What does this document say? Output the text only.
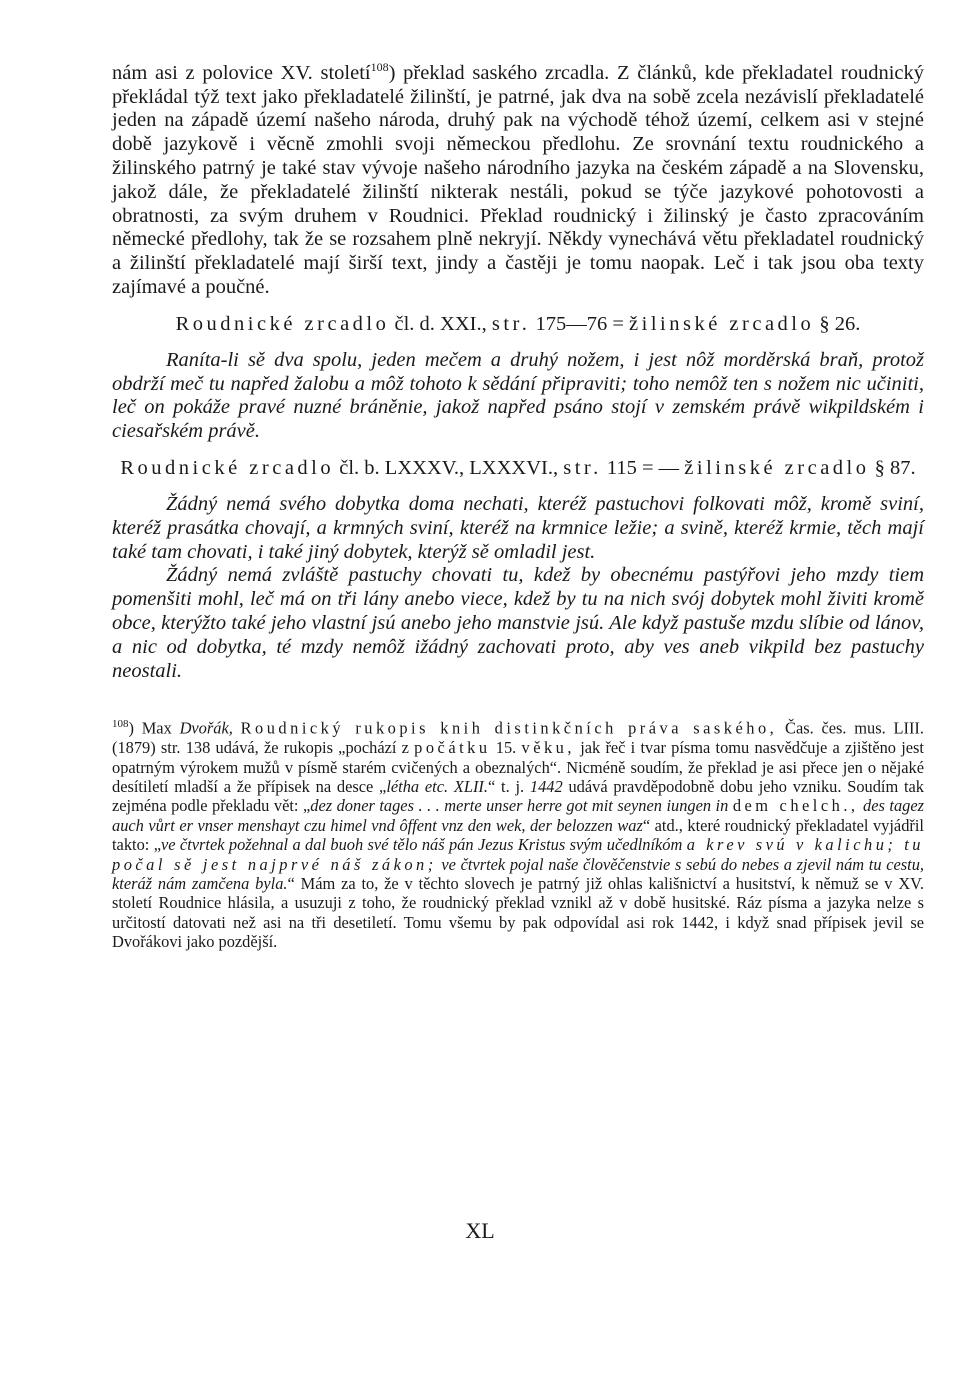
nám asi z polovice XV. století$^{108}$) překlad saského zrcadla. Z článků, kde překladatel roudnický překládal týž text jako překladatelé žilinští, je patrné, jak dva na sobě zcela nezávislí překladatelé jeden na západě území našeho národa, druhý pak na východě téhož území, celkem asi v stejné době jazykově i věcně zmohli svoji německou předlohu. Ze srovnání textu roudnického a žilinského patrný je také stav vývoje našeho národního jazyka na českém západě a na Slovensku, jakož dále, že překladatelé žilinští nikterak nestáli, pokud se týče jazykové pohotovosti a obratnosti, za svým druhem v Roudnici. Překlad roudnický i žilinský je často zpracováním německé předlohy, tak že se rozsahem plně nekryjí. Někdy vynechává větu překladatel roudnický a žilinští překladatelé mají širší text, jindy a častěji je tomu naopak. Leč i tak jsou oba texty zajímavé a poučné.

Roudnické zrcadlo čl. d. XXI., str. 175—76 = žilinské zrcadlo § 26.

Raníta-li sě dva spolu, jeden mečem a druhý nožem, i jest nôž morděrská braň, protož obdrží meč tu napřed žalobu a môž tohoto k sědání připraviti; toho nemôž ten s nožem nic učiniti, leč on pokáže pravé nuzné bráněnie, jakož napřed psáno stojí v zemském právě wikpildském i ciesařském právě.

Roudnické zrcadlo čl. b. LXXXV., LXXXVI., str. 115 = — žilinské zrcadlo § 87.

Žádný nemá svého dobytka doma nechati, kteréž pastuchovi folkovati môž, kromě sviní, kteréž prasátka chovají, a krmných sviní, kteréž na krmnice ležie; a svině, kteréž krmie, těch mají také tam chovati, i také jiný dobytek, kterýž sě omladil jest.

Žádný nemá zvláště pastuchy chovati tu, kdež by obecnému pastýřovi jeho mzdy tiem pomenšiti mohl, leč má on tři lány anebo viece, kdež by tu na nich svój dobytek mohl živiti kromě obce, kterýžto také jeho vlastní jsú anebo jeho manstvie jsú. Ale když pastuše mzdu slíbie od lánov, a nic od dobytka, té mzdy nemôž ižádný zachovati proto, aby ves aneb vikpild bez pastuchy neostali.

$^{108}$) Max Dvořák, Roudnický rukopis knih distinkčních práva saského, Čas. čes. mus. LIII. (1879) str. 138 udává, že rukopis „pochází z počátku 15. věku, jak řeč i tvar písma tomu nasvědčuje a zjištěno jest opatrným výrokem mužů v písmě starém cvičených a obeznalých“. Nicméně soudím, že překlad je asi přece jen o nějaké desítiletí mladší a že přípisek na desce „létha etc. XLII.“ t. j. 1442 udává pravděpodobně dobu jeho vzniku. Soudím tak zejména podle překladu vět: „dez doner tages . . . merte unser herre got mit seynen iungen in dem chelch., des tagez auch vůrt er vnser menshayt czu himel vnd ôffent vnz den wek, der belozzen waz“ atd., které roudnický překladatel vyjádřil takto: „ve čtvrtek požehnal a dal buoh své tělo náš pán Jezus Kristus svým učedlníkóm a krev svú v kalichu; tu počal sě jest najprvé náš zákon; ve čtvrtek pojal naše člověčenstvie s sebú do nebes a zjevil nám tu cestu, kteráž nám zamčena byla.“ Mám za to, že v těchto slovech je patrný již ohlas kališnictví a husitství, k němuž se v XV. století Roudnice hlásila, a usuzuji z toho, že roudnický překlad vznikl až v době husitské. Ráz písma a jazyka nelze s určitostí datovati než asi na tři desetiletí. Tomu všemu by pak odpovídal asi rok 1442, i když snad přípisek jevil se Dvořákovi jako pozdější.

XL
